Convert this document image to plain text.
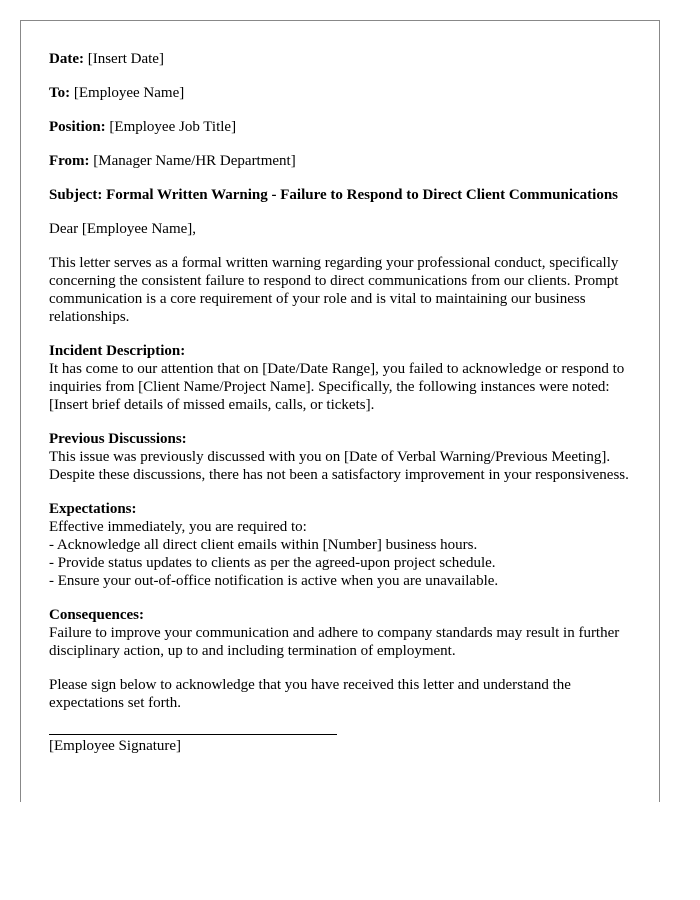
Date: [Insert Date]
To: [Employee Name]
Position: [Employee Job Title]
From: [Manager Name/HR Department]
Subject: Formal Written Warning - Failure to Respond to Direct Client Communications
Dear [Employee Name],
This letter serves as a formal written warning regarding your professional conduct, specifically concerning the consistent failure to respond to direct communications from our clients. Prompt communication is a core requirement of your role and is vital to maintaining our business relationships.
Incident Description:
It has come to our attention that on [Date/Date Range], you failed to acknowledge or respond to inquiries from [Client Name/Project Name]. Specifically, the following instances were noted: [Insert brief details of missed emails, calls, or tickets].
Previous Discussions:
This issue was previously discussed with you on [Date of Verbal Warning/Previous Meeting]. Despite these discussions, there has not been a satisfactory improvement in your responsiveness.
Expectations:
Effective immediately, you are required to:
- Acknowledge all direct client emails within [Number] business hours.
- Provide status updates to clients as per the agreed-upon project schedule.
- Ensure your out-of-office notification is active when you are unavailable.
Consequences:
Failure to improve your communication and adhere to company standards may result in further disciplinary action, up to and including termination of employment.
Please sign below to acknowledge that you have received this letter and understand the expectations set forth.
[Employee Signature]
